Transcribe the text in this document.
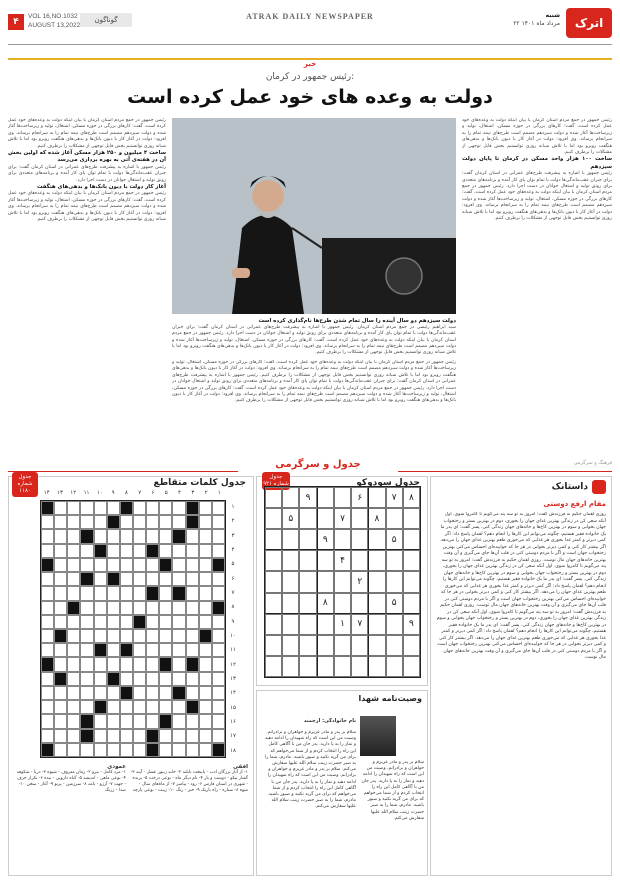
۴
VOL 16,NO.1032
AUGUST 13,2022
گوناگون	ATRAK DAILY NEWSPAPER	شنبه
۲۲ مرداد ماه ۱۴۰۱	اترک
خبر
رئیس جمهور در کرمان:
دولت به وعده های خود عمل کرده است
رئیس جمهور در جمع مردم استان کرمان با بیان اینکه دولت به وعده‌های خود عمل کرده است، گفت: کارهای بزرگی در حوزه مسکن، اشتغال، تولید و زیرساخت‌ها آغاز شده و دولت سیزدهم مصمم است طرح‌های نیمه تمام را به سرانجام برساند. وی افزود: دولت در آغاز کار با دیون بانک‌ها و بدهی‌های هنگفت روبرو بود اما با تلاش شبانه روزی توانستیم بخش قابل توجهی از مشکلات را برطرف کنیم.
ساخت ۱۰۰ هزار واحد مسکن در کرمان تا پایان دولت سیزدهم
رئیس جمهور با اشاره به پیشرفت طرح‌های عمرانی در استان کرمان گفت: برای جبران عقب‌ماندگی‌ها دولت با تمام توان پای کار آمده و برنامه‌های متعددی برای رونق تولید و اشتغال جوانان در دست اجرا دارد. رئیس جمهور در جمع مردم استان کرمان با بیان اینکه دولت به وعده‌های خود عمل کرده است، گفت: کارهای بزرگی در حوزه مسکن، اشتغال، تولید و زیرساخت‌ها آغاز شده و دولت سیزدهم مصمم است طرح‌های نیمه تمام را به سرانجام برساند. وی افزود: دولت در آغاز کار با دیون بانک‌ها و بدهی‌های هنگفت روبرو بود اما با تلاش شبانه روزی توانستیم بخش قابل توجهی از مشکلات را برطرف کنیم.
رئیس جمهور در جمع مردم استان کرمان با بیان اینکه دولت به وعده‌های خود عمل کرده است، گفت: کارهای بزرگی در حوزه مسکن، اشتغال، تولید و زیرساخت‌ها آغاز شده و دولت سیزدهم مصمم است طرح‌های نیمه تمام را به سرانجام برساند. وی افزود: دولت در آغاز کار با دیون بانک‌ها و بدهی‌های هنگفت روبرو بود اما با تلاش شبانه روزی توانستیم بخش قابل توجهی از مشکلات را برطرف کنیم.
ساخت ۴ میلیون و ۲۵۰ هزار مسکن آغاز شده که اولین بخش آن در هفته‌ی آتی به بهره برداری می‌رسد
رئیس جمهور با اشاره به پیشرفت طرح‌های عمرانی در استان کرمان گفت: برای جبران عقب‌ماندگی‌ها دولت با تمام توان پای کار آمده و برنامه‌های متعددی برای رونق تولید و اشتغال جوانان در دست اجرا دارد.
آغاز کار دولت با دیون بانک‌ها و بدهی‌های هنگفت
رئیس جمهور در جمع مردم استان کرمان با بیان اینکه دولت به وعده‌های خود عمل کرده است، گفت: کارهای بزرگی در حوزه مسکن، اشتغال، تولید و زیرساخت‌ها آغاز شده و دولت سیزدهم مصمم است طرح‌های نیمه تمام را به سرانجام برساند. وی افزود: دولت در آغاز کار با دیون بانک‌ها و بدهی‌های هنگفت روبرو بود اما با تلاش شبانه روزی توانستیم بخش قابل توجهی از مشکلات را برطرف کنیم.
دولت سیزدهم دو سال آینده را سال تمام شدن طرح‌ها نام‌گذاری کرده است
سید ابراهیم رئیسی در جمع مردم استان کرمان. رئیس جمهور با اشاره به پیشرفت طرح‌های عمرانی در استان کرمان گفت: برای جبران عقب‌ماندگی‌ها دولت با تمام توان پای کار آمده و برنامه‌های متعددی برای رونق تولید و اشتغال جوانان در دست اجرا دارد. رئیس جمهور در جمع مردم استان کرمان با بیان اینکه دولت به وعده‌های خود عمل کرده است، گفت: کارهای بزرگی در حوزه مسکن، اشتغال، تولید و زیرساخت‌ها آغاز شده و دولت سیزدهم مصمم است طرح‌های نیمه تمام را به سرانجام برساند. وی افزود: دولت در آغاز کار با دیون بانک‌ها و بدهی‌های هنگفت روبرو بود اما با تلاش شبانه روزی توانستیم بخش قابل توجهی از مشکلات را برطرف کنیم.
رئیس جمهور در جمع مردم استان کرمان با بیان اینکه دولت به وعده‌های خود عمل کرده است، گفت: کارهای بزرگی در حوزه مسکن، اشتغال، تولید و زیرساخت‌ها آغاز شده و دولت سیزدهم مصمم است طرح‌های نیمه تمام را به سرانجام برساند. وی افزود: دولت در آغاز کار با دیون بانک‌ها و بدهی‌های هنگفت روبرو بود اما با تلاش شبانه روزی توانستیم بخش قابل توجهی از مشکلات را برطرف کنیم. رئیس جمهور با اشاره به پیشرفت طرح‌های عمرانی در استان کرمان گفت: برای جبران عقب‌ماندگی‌ها دولت با تمام توان پای کار آمده و برنامه‌های متعددی برای رونق تولید و اشتغال جوانان در دست اجرا دارد. رئیس جمهور در جمع مردم استان کرمان با بیان اینکه دولت به وعده‌های خود عمل کرده است، گفت: کارهای بزرگی در حوزه مسکن، اشتغال، تولید و زیرساخت‌ها آغاز شده و دولت سیزدهم مصمم است طرح‌های نیمه تمام را به سرانجام برساند. وی افزود: دولت در آغاز کار با دیون بانک‌ها و بدهی‌های هنگفت روبرو بود اما با تلاش شبانه روزی توانستیم بخش قابل توجهی از مشکلات را برطرف کنیم.
جدول و سرگرمی	فرهنگ و سرگرمی
داستانک
مقام ارفع دوستی
روزی لقمان حکیم به فرزندش گفت: امروز به تو سه پند می‌گویم تا کامروا شوی. اول آنکه سعی کن در زندگی بهترین غذای جهان را بخوری، دوم در بهترین بستر و رختخواب جهان بخوابی و سوم در بهترین کاخ‌ها و خانه‌های جهان زندگی کنی. پسر گفت: ای پدر ما یک خانواده فقیر هستیم، چگونه می‌توانم این کارها را انجام دهم؟ لقمان پاسخ داد: اگر کمی دیرتر و کمتر غذا بخوری هر غذایی که می‌خوری طعم بهترین غذای جهان را می‌دهد. اگر بیشتر کار کنی و کمی دیرتر بخوابی در هر جا که خوابیده‌ای احساس می‌کنی بهترین رختخواب جهان است و اگر با مردم دوستی کنی در قلب آن‌ها جای می‌گیری و آن وقت بهترین خانه‌های جهان مال توست. روزی لقمان حکیم به فرزندش گفت: امروز به تو سه پند می‌گویم تا کامروا شوی. اول آنکه سعی کن در زندگی بهترین غذای جهان را بخوری، دوم در بهترین بستر و رختخواب جهان بخوابی و سوم در بهترین کاخ‌ها و خانه‌های جهان زندگی کنی. پسر گفت: ای پدر ما یک خانواده فقیر هستیم، چگونه می‌توانم این کارها را انجام دهم؟ لقمان پاسخ داد: اگر کمی دیرتر و کمتر غذا بخوری هر غذایی که می‌خوری طعم بهترین غذای جهان را می‌دهد. اگر بیشتر کار کنی و کمی دیرتر بخوابی در هر جا که خوابیده‌ای احساس می‌کنی بهترین رختخواب جهان است و اگر با مردم دوستی کنی در قلب آن‌ها جای می‌گیری و آن وقت بهترین خانه‌های جهان مال توست. روزی لقمان حکیم به فرزندش گفت: امروز به تو سه پند می‌گویم تا کامروا شوی. اول آنکه سعی کن در زندگی بهترین غذای جهان را بخوری، دوم در بهترین بستر و رختخواب جهان بخوابی و سوم در بهترین کاخ‌ها و خانه‌های جهان زندگی کنی. پسر گفت: ای پدر ما یک خانواده فقیر هستیم، چگونه می‌توانم این کارها را انجام دهم؟ لقمان پاسخ داد: اگر کمی دیرتر و کمتر غذا بخوری هر غذایی که می‌خوری طعم بهترین غذای جهان را می‌دهد. اگر بیشتر کار کنی و کمی دیرتر بخوابی در هر جا که خوابیده‌ای احساس می‌کنی بهترین رختخواب جهان است و اگر با مردم دوستی کنی در قلب آن‌ها جای می‌گیری و آن وقت بهترین خانه‌های جهان مال توست.
جدول سودوکو
جدول شماره ۹۴۱
۸
۷
۶
۹
۸
۷
۵
۵
۹
۴
۲
۵
۸
۹
۷
۱
وصیت‌نامه شهدا
نام خانوادگی: ارجمند
سلام بر پدر و مادر عزیزم و خواهران و برادرانم. وصیت من این است که راه شهیدان را ادامه دهید و نماز را به پا دارید. پدر جان من با آگاهی کامل این راه را انتخاب کردم و از شما می‌خواهم که برای من گریه نکنید و صبور باشید. مادرم، شما را به صبر حضرت زینب سلام الله علیها سفارش می‌کنم. سلام بر پدر و مادر عزیزم و خواهران و برادرانم. وصیت من این است که راه شهیدان را ادامه دهید و نماز را به پا دارید. پدر جان من با آگاهی کامل این راه را انتخاب کردم و از شما می‌خواهم که برای من گریه نکنید و صبور باشید. مادرم، شما را به صبر حضرت زینب سلام الله علیها سفارش می‌کنم.
سلام بر پدر و مادر عزیزم و خواهران و برادرانم. وصیت من این است که راه شهیدان را ادامه دهید و نماز را به پا دارید. پدر جان من با آگاهی کامل این راه را انتخاب کردم و از شما می‌خواهم که برای من گریه نکنید و صبور باشید. مادرم، شما را به صبر حضرت زینب سلام الله علیها سفارش می‌کنم.
جدول کلمات متقاطع
جدول شماره ۱۱۸۰	۱
۲
۳
۴
۵
۶
۷
۸
۹
۱۰
۱۱
۱۲
۱۳
۱۴
۱
۲
۳
۴
۵
۶
۷
۸
۹
۱۰
۱۱
۱۲
۱۳
۱۴
۱۵
۱۶
۱۷
۱۸
افقی
۱- از آثار بزرگان ادب - پایتخت تایلند ۲- خانه زنبور عسل - آینه ۳- گفتار نیکو - دوست و یار ۴- نام دیگر ماه - نوعی درخت ۵- پرنده - شهری در استان فارس ۶- رود - پیامبر ۷- از ماه‌های سال - میوه ۸- ستاره - راه باریک ۹- خبر - رنگ ۱۰- زینت - نوعی پارچه
عمودی
۱- مرد کامل - نیرو ۲- رمان معروف - شیوه ۳- دریا - شکوفه ۴- نوعی ماهی - اندیشه ۵- گیاه دارویی - بنده ۶- تکرار حرف - جهت ۷- آرزو - نامه ۸- سرزمین - پرتو ۹- آغاز - سخن ۱۰- صدا - زرنگ
